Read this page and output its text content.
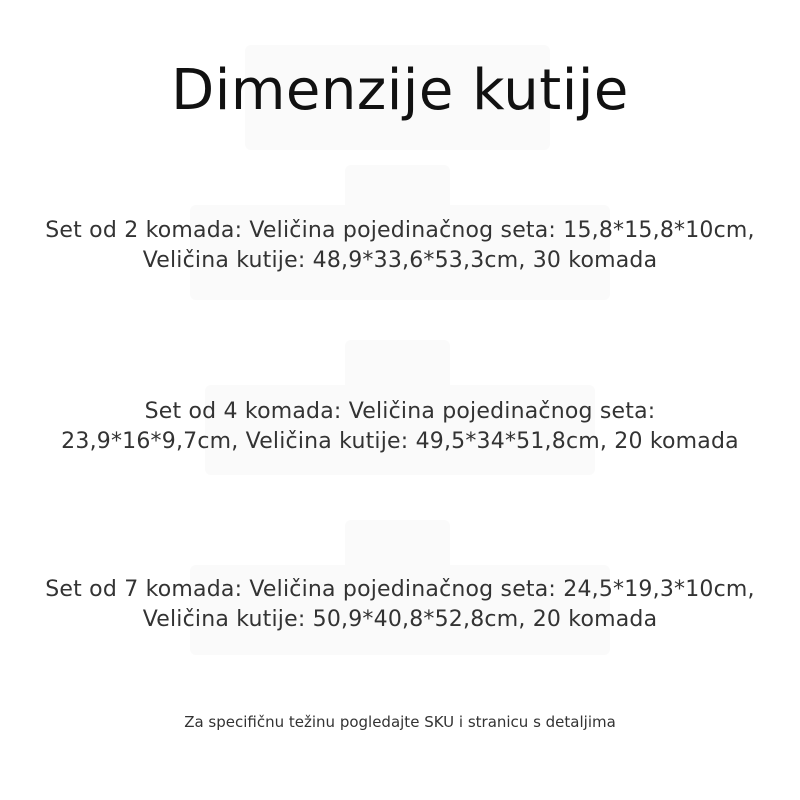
Dimenzije kutije
Set od 2 komada: Veličina pojedinačnog seta: 15,8*15,8*10cm,
Veličina kutije: 48,9*33,6*53,3cm, 30 komada
Set od 4 komada: Veličina pojedinačnog seta:
23,9*16*9,7cm, Veličina kutije: 49,5*34*51,8cm, 20 komada
Set od 7 komada: Veličina pojedinačnog seta: 24,5*19,3*10cm,
Veličina kutije: 50,9*40,8*52,8cm, 20 komada
Za specifičnu težinu pogledajte SKU i stranicu s detaljima
